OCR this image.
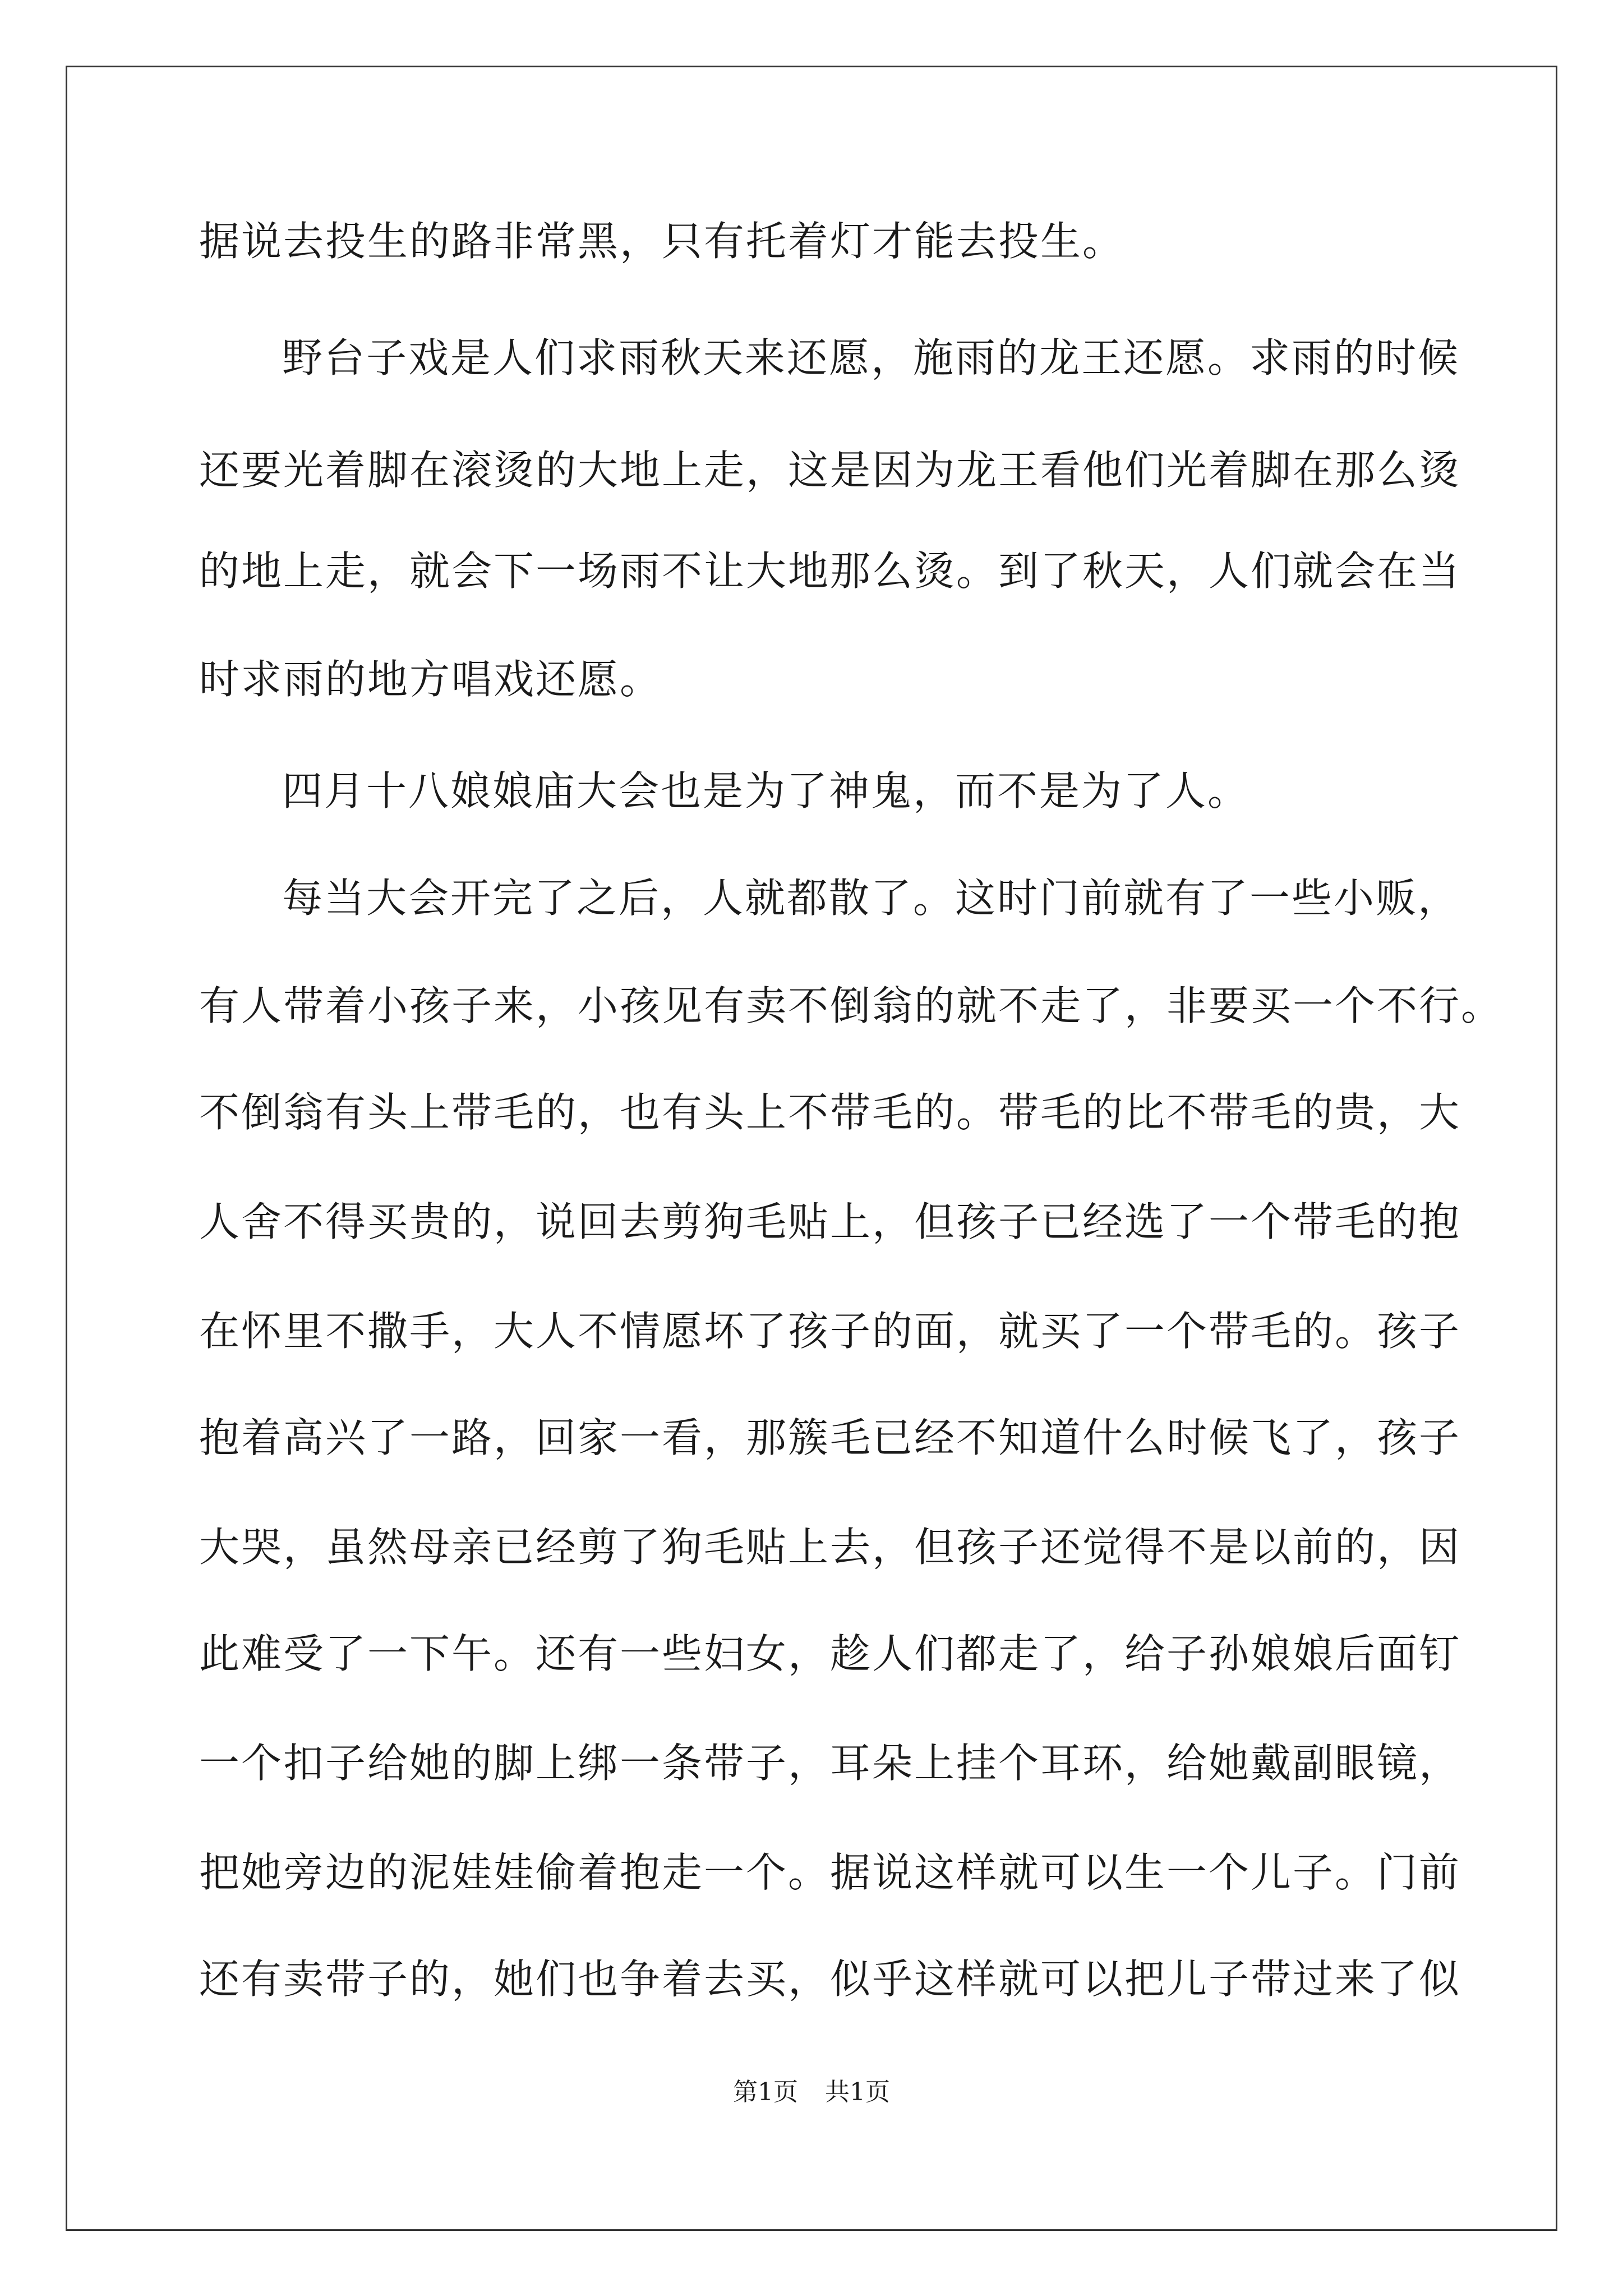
据说去投生的路非常黑，只有托着灯才能去投生。
野台子戏是人们求雨秋天来还愿，施雨的龙王还愿。求雨的时候
还要光着脚在滚烫的大地上走，这是因为龙王看他们光着脚在那么烫
的地上走，就会下一场雨不让大地那么烫。到了秋天，人们就会在当
时求雨的地方唱戏还愿。
四月十八娘娘庙大会也是为了神鬼，而不是为了人。
每当大会开完了之后，人就都散了。这时门前就有了一些小贩，
有人带着小孩子来，小孩见有卖不倒翁的就不走了，非要买一个不行。
不倒翁有头上带毛的，也有头上不带毛的。带毛的比不带毛的贵，大
人舍不得买贵的，说回去剪狗毛贴上，但孩子已经选了一个带毛的抱
在怀里不撒手，大人不情愿坏了孩子的面，就买了一个带毛的。孩子
抱着高兴了一路，回家一看，那簇毛已经不知道什么时候飞了，孩子
大哭，虽然母亲已经剪了狗毛贴上去，但孩子还觉得不是以前的，因
此难受了一下午。还有一些妇女，趁人们都走了，给子孙娘娘后面钉
一个扣子给她的脚上绑一条带子，耳朵上挂个耳环，给她戴副眼镜，
把她旁边的泥娃娃偷着抱走一个。据说这样就可以生一个儿子。门前
还有卖带子的，她们也争着去买，似乎这样就可以把儿子带过来了似
第1页 共1页
